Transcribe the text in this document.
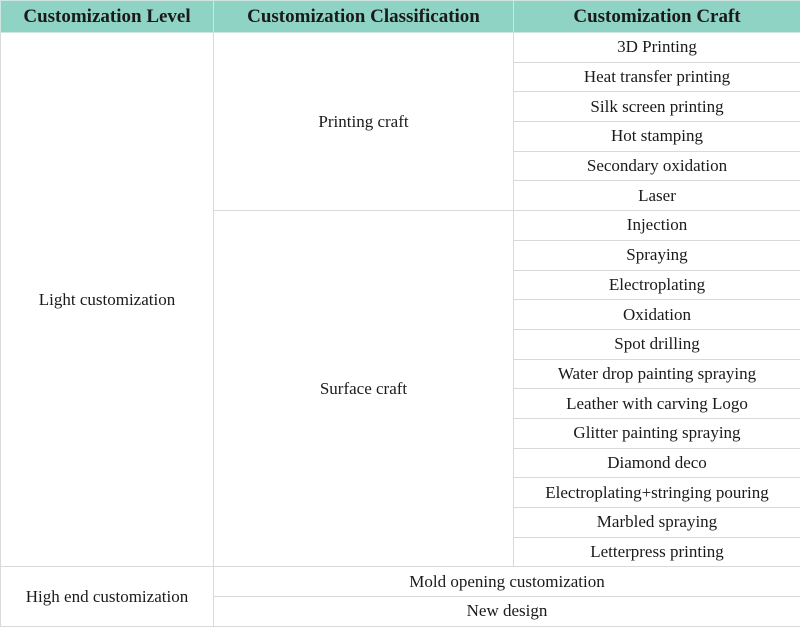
Customization Level	Customization Classification	Customization Craft
Light customization	Printing craft	3D Printing
		Heat transfer printing
		Silk screen printing
		Hot stamping
		Secondary oxidation
		Laser
	Surface craft	Injection
		Spraying
		Electroplating
		Oxidation
		Spot drilling
		Water drop painting spraying
		Leather with carving Logo
		Glitter painting spraying
		Diamond deco
		Electroplating+stringing pouring
		Marbled spraying
		Letterpress printing
High end customization	Mold opening customization	
	New design	
